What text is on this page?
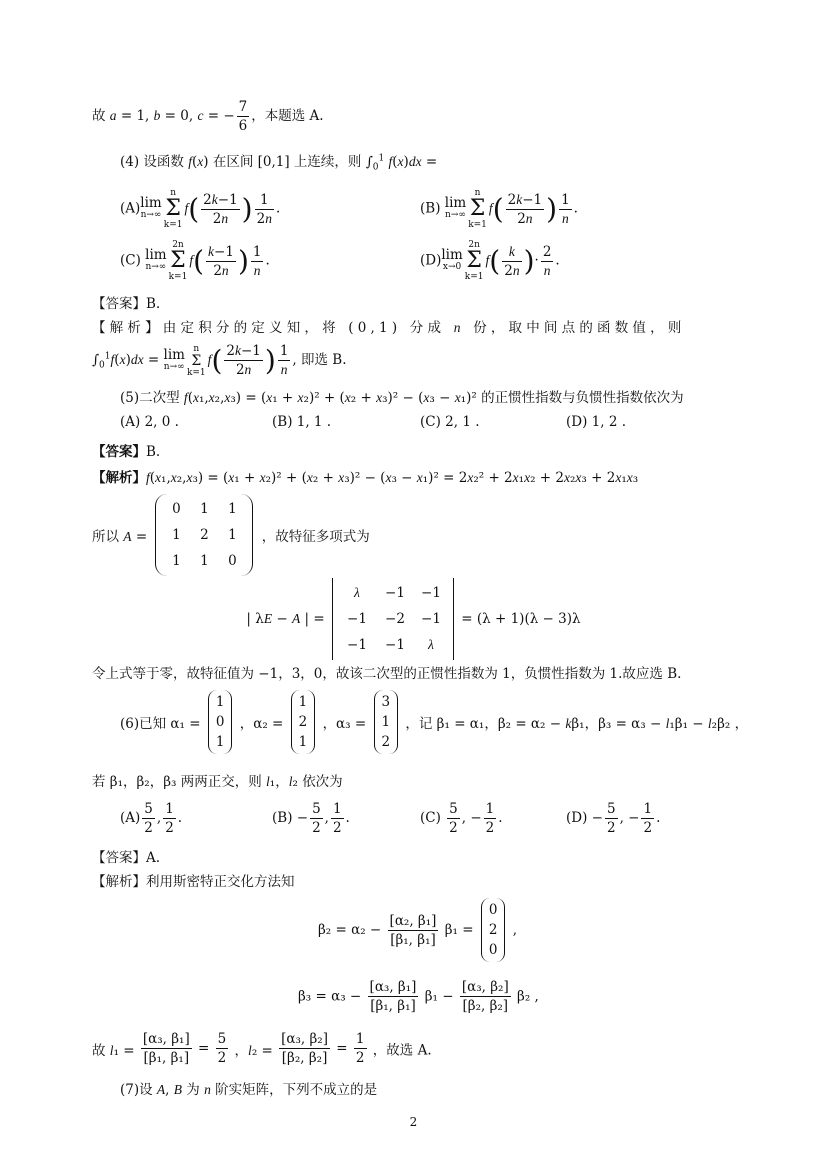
故 a = 1, b = 0, c = − $\frac{7}{6}$ ，本题选 A.
(4) 设函数 f(x) 在区间 [0,1] 上连续，则 $\int_0^1$ f(x)dx =
(A)lim
n→∞
n
Σ
$k=1f( \frac{2k-1}{2n}$ ) $\frac{1}{2n}$ .	(B) lim
n→∞
n
Σ
$k=1f( \frac{2k-1}{2n}$ ) $\frac{1}{n}$ .
(C) lim
n→∞
2n
Σ
$k=1f( \frac{k-1}{2n}$ ) $\frac{1}{n}$ .	(D)lim
x→0
2n
Σ
$k=1f( \frac{k}{2n}$ )· $\frac{2}{n}$ .
【答案】B.
【解析】由定积分的定义知，将 (0,1) 分成 n 份，取中间点的函数值，则
$\int_0^1f(x)dx = \lim$
n→∞
n
Σ
$k=1f( \frac{2k-1}{2n}$ ) $\frac{1}{n}$ , 即选 B.
(5)二次型 f(x₁,x₂,x₃) = (x₁ + x₂)² + (x₂ + x₃)² − (x₃ − x₁)² 的正惯性指数与负惯性指数依次为
(A) 2, 0 .	(B) 1, 1 .	(C) 2, 1 .	(D) 1, 2 .
【答案】B.
【解析】f(x₁,x₂,x₃) = (x₁ + x₂)² + (x₂ + x₃)² − (x₃ − x₁)² = 2x₂² + 2x₁x₂ + 2x₂x₃ + 2x₁x₃
所以 A =
0	1	1
1	2	1
1	1	0
，故特征多项式为
| λE − A | =
λ	−1	−1
−1	−2	−1
−1	−1	λ
= (λ + 1)(λ − 3)λ
令上式等于零，故特征值为 −1，3，0，故该二次型的正惯性指数为 1，负惯性指数为 1.故应选 B.
(6)已知 α₁ =
1
0
1
，α₂ =
1
2
1
，α₃ =
3
1
2
，记 β₁ = α₁，β₂ = α₂ − kβ₁，β₃ = α₃ − l₁β₁ − l₂β₂ ，
若 β₁，β₂，β₃ 两两正交，则 l₁，l₂ 依次为
$(A) \frac{5}{2}$ , $\frac{1}{2}$ .	$(B) - \frac{5}{2}$ , $\frac{1}{2}$ .	$(C) \frac{5}{2}$ , − $\frac{1}{2}$ .	$(D) - \frac{5}{2}$ , − $\frac{1}{2}$ .
【答案】A.
【解析】利用斯密特正交化方法知
$\beta_2 = \alpha_2 - \frac{\text{[α₂, β₁]}}{\text{[β₁, β₁]}} \beta_1$ =
0
2
0
,
$\beta_3 = \alpha_3 - \frac{\text{[α₃, β₁]}}{\text{[β₁, β₁]}} \beta_1 - \frac{\text{[α₃, β₂]}}{\text{[β₂, β₂]}} \beta_2$ ,
故 $l_1 = \frac{\text{[α₃, β₁]}}{\text{[β₁, β₁]}} = \frac{5}{2}$ ，$l_2 = \frac{\text{[α₃, β₂]}}{\text{[β₂, β₂]}} = \frac{1}{2}$ ，故选 A.
(7)设 A, B 为 n 阶实矩阵，下列不成立的是
2
